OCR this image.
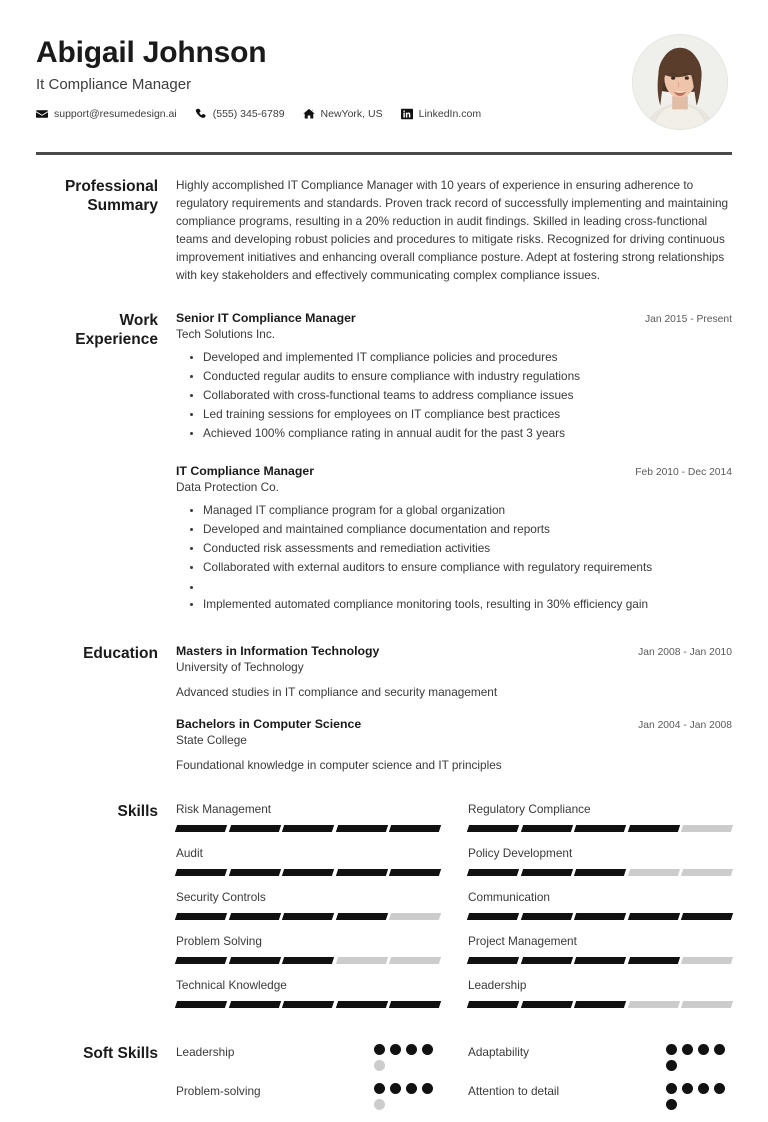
Abigail Johnson
It Compliance Manager
support@resumedesign.ai	(555) 345-6789	NewYork, US	LinkedIn.com
Professional
Summary
Highly accomplished IT Compliance Manager with 10 years of experience in ensuring adherence to regulatory requirements and standards. Proven track record of successfully implementing and maintaining compliance programs, resulting in a 20% reduction in audit findings. Skilled in leading cross-functional teams and developing robust policies and procedures to mitigate risks. Recognized for driving continuous improvement initiatives and enhancing overall compliance posture. Adept at fostering strong relationships with key stakeholders and effectively communicating complex compliance issues.
Work
Experience
Senior IT Compliance Manager	Jan 2015 - Present
Tech Solutions Inc.
• Developed and implemented IT compliance policies and procedures
• Conducted regular audits to ensure compliance with industry regulations
• Collaborated with cross-functional teams to address compliance issues
• Led training sessions for employees on IT compliance best practices
• Achieved 100% compliance rating in annual audit for the past 3 years
IT Compliance Manager	Feb 2010 - Dec 2014
Data Protection Co.
• Managed IT compliance program for a global organization
• Developed and maintained compliance documentation and reports
• Conducted risk assessments and remediation activities
• Collaborated with external auditors to ensure compliance with regulatory requirements
•
• Implemented automated compliance monitoring tools, resulting in 30% efficiency gain
Education	Masters in Information Technology	Jan 2008 - Jan 2010
University of Technology
Advanced studies in IT compliance and security management
Bachelors in Computer Science	Jan 2004 - Jan 2008
State College
Foundational knowledge in computer science and IT principles
Skills	Risk Management	Regulatory Compliance
Audit	Policy Development
Security Controls	Communication
Problem Solving	Project Management
Technical Knowledge	Leadership
Soft Skills	Leadership	Adaptability
Problem-solving	Attention to detail
